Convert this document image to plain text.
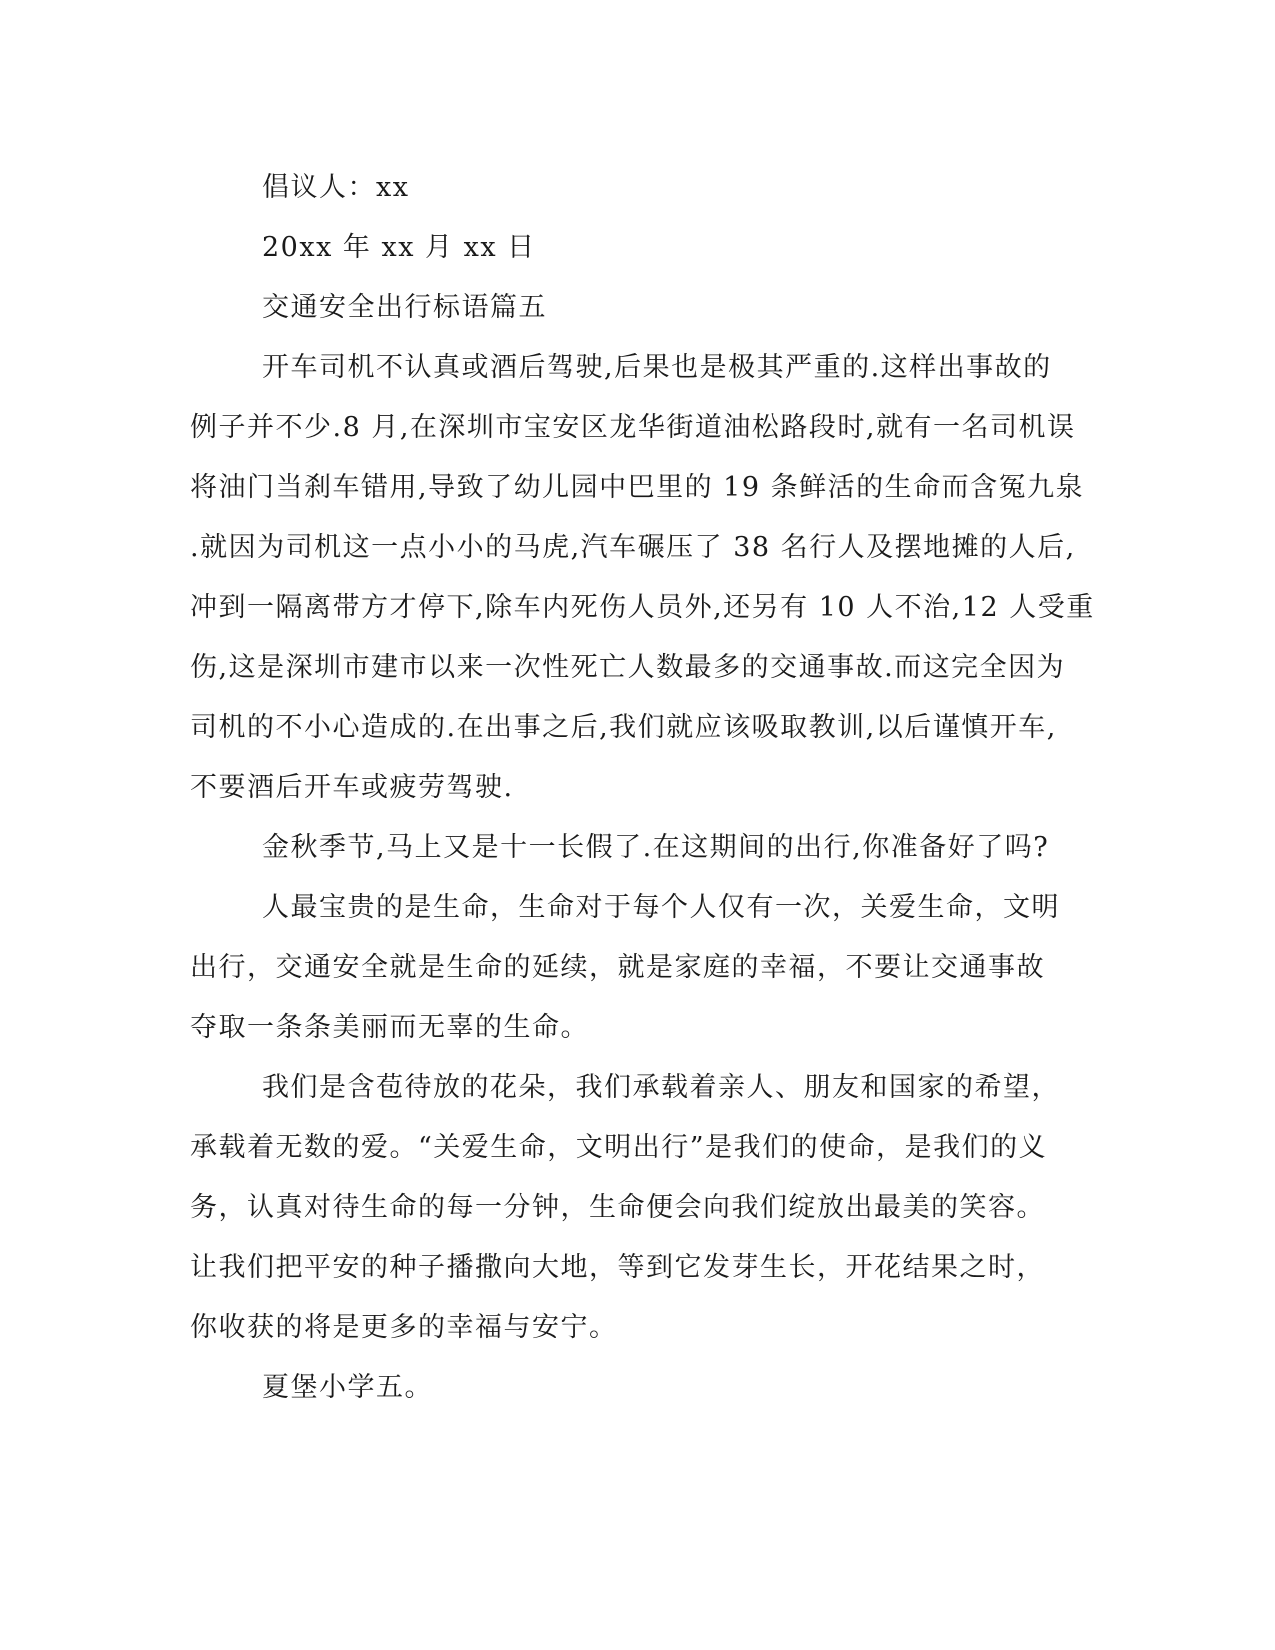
倡议人：xx

20xx 年 xx 月 xx 日

交通安全出行标语篇五

开车司机不认真或酒后驾驶,后果也是极其严重的.这样出事故的
例子并不少.8 月,在深圳市宝安区龙华街道油松路段时,就有一名司机误
将油门当刹车错用,导致了幼儿园中巴里的 19 条鲜活的生命而含冤九泉
.就因为司机这一点小小的马虎,汽车碾压了 38 名行人及摆地摊的人后,
冲到一隔离带方才停下,除车内死伤人员外,还另有 10 人不治,12 人受重
伤,这是深圳市建市以来一次性死亡人数最多的交通事故.而这完全因为
司机的不小心造成的.在出事之后,我们就应该吸取教训,以后谨慎开车,
不要酒后开车或疲劳驾驶.

金秋季节,马上又是十一长假了.在这期间的出行,你准备好了吗?

人最宝贵的是生命，生命对于每个人仅有一次，关爱生命，文明
出行，交通安全就是生命的延续，就是家庭的幸福，不要让交通事故
夺取一条条美丽而无辜的生命。

我们是含苞待放的花朵，我们承载着亲人、朋友和国家的希望，
承载着无数的爱。“关爱生命，文明出行”是我们的使命，是我们的义
务，认真对待生命的每一分钟，生命便会向我们绽放出最美的笑容。
让我们把平安的种子播撒向大地，等到它发芽生长，开花结果之时，
你收获的将是更多的幸福与安宁。

夏堡小学五。
